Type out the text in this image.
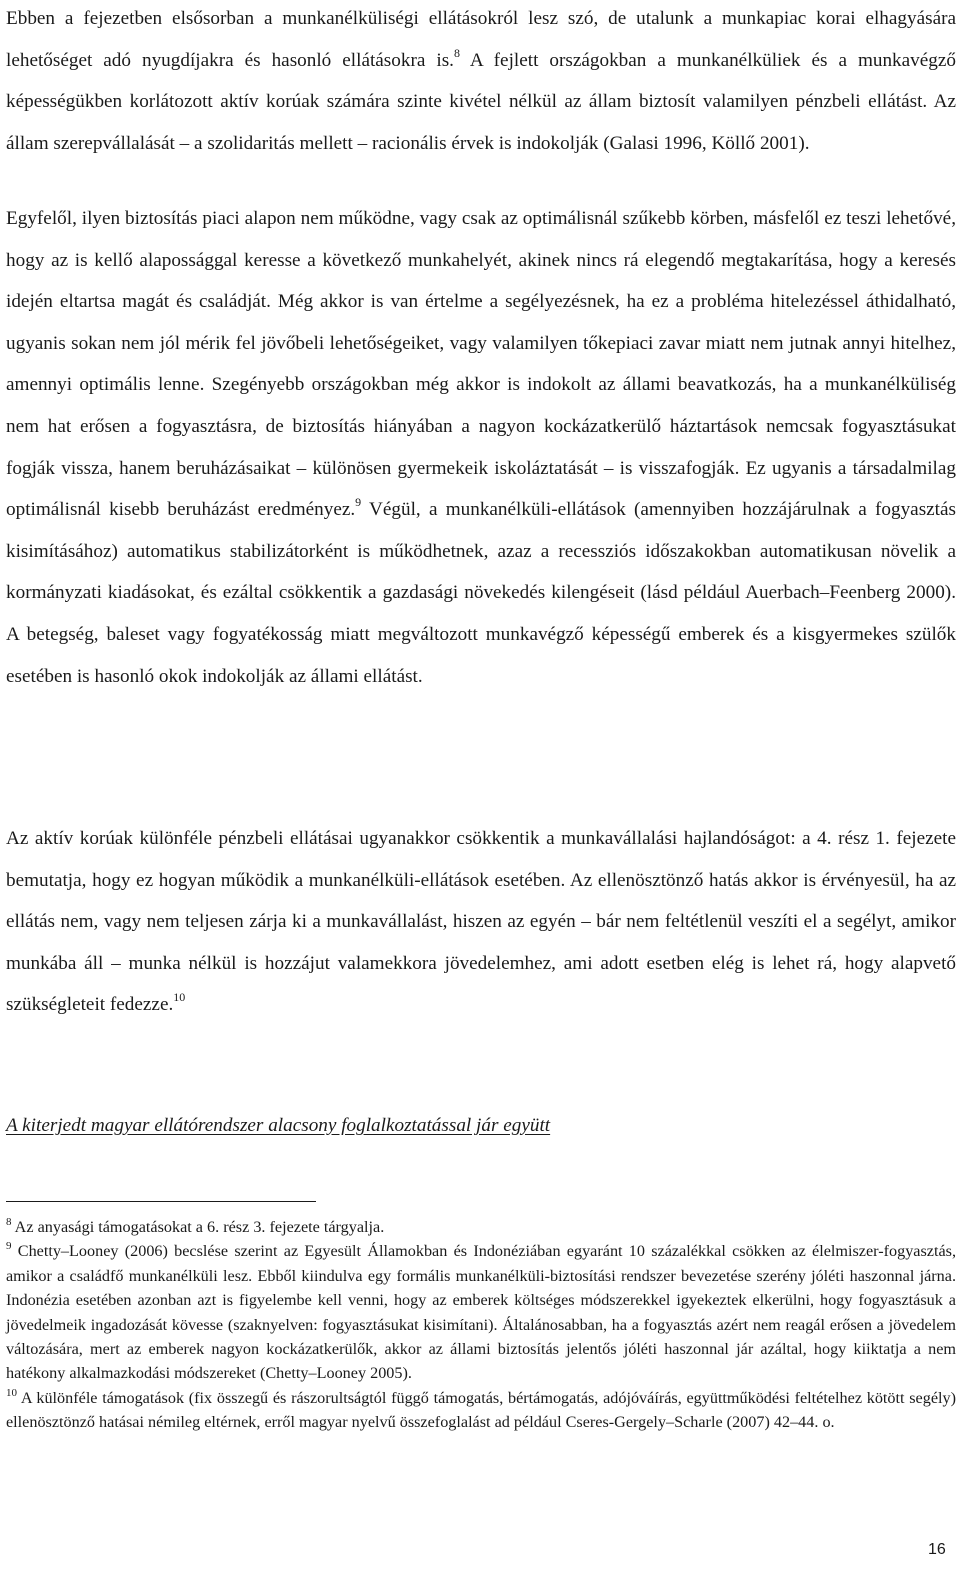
Ebben a fejezetben elsősorban a munkanélküliségi ellátásokról lesz szó, de utalunk a munkapiac korai elhagyására lehetőséget adó nyugdíjakra és hasonló ellátásokra is.$^8$ A fejlett országokban a munkanélküliek és a munkavégző képességükben korlátozott aktív korúak számára szinte kivétel nélkül az állam biztosít valamilyen pénzbeli ellátást. Az állam szerepvállalását – a szolidaritás mellett – racionális érvek is indokolják (Galasi 1996, Köllő 2001).

Egyfelől, ilyen biztosítás piaci alapon nem működne, vagy csak az optimálisnál szűkebb körben, másfelől ez teszi lehetővé, hogy az is kellő alapossággal keresse a következő munkahelyét, akinek nincs rá elegendő megtakarítása, hogy a keresés idején eltartsa magát és családját. Még akkor is van értelme a segélyezésnek, ha ez a probléma hitelezéssel áthidalható, ugyanis sokan nem jól mérik fel jövőbeli lehetőségeiket, vagy valamilyen tőkepiaci zavar miatt nem jutnak annyi hitelhez, amennyi optimális lenne. Szegényebb országokban még akkor is indokolt az állami beavatkozás, ha a munkanélküliség nem hat erősen a fogyasztásra, de biztosítás hiányában a nagyon kockázatkerülő háztartások nemcsak fogyasztásukat fogják vissza, hanem beruházásaikat – különösen gyermekeik iskoláztatását – is visszafogják. Ez ugyanis a társadalmilag optimálisnál kisebb beruházást eredményez.$^9$ Végül, a munkanélküli-ellátások (amennyiben hozzájárulnak a fogyasztás kisimításához) automatikus stabilizátorként is működhetnek, azaz a recessziós időszakokban automatikusan növelik a kormányzati kiadásokat, és ezáltal csökkentik a gazdasági növekedés kilengéseit (lásd például Auerbach–Feenberg 2000). A betegség, baleset vagy fogyatékosság miatt megváltozott munkavégző képességű emberek és a kisgyermekes szülők esetében is hasonló okok indokolják az állami ellátást.

Az aktív korúak különféle pénzbeli ellátásai ugyanakkor csökkentik a munkavállalási hajlandóságot: a 4. rész 1. fejezete bemutatja, hogy ez hogyan működik a munkanélküli-ellátások esetében. Az ellenösztönző hatás akkor is érvényesül, ha az ellátás nem, vagy nem teljesen zárja ki a munkavállalást, hiszen az egyén – bár nem feltétlenül veszíti el a segélyt, amikor munkába áll – munka nélkül is hozzájut valamekkora jövedelemhez, ami adott esetben elég is lehet rá, hogy alapvető szükségleteit fedezze.$^{10}$

A kiterjedt magyar ellátórendszer alacsony foglalkoztatással jár együtt

$^8$ Az anyasági támogatásokat a 6. rész 3. fejezete tárgyalja.

$^9$ Chetty–Looney (2006) becslése szerint az Egyesült Államokban és Indonéziában egyaránt 10 százalékkal csökken az élelmiszer-fogyasztás, amikor a családfő munkanélküli lesz. Ebből kiindulva egy formális munkanélküli-biztosítási rendszer bevezetése szerény jóléti haszonnal járna. Indonézia esetében azonban azt is figyelembe kell venni, hogy az emberek költséges módszerekkel igyekeztek elkerülni, hogy fogyasztásuk a jövedelmeik ingadozását kövesse (szaknyelven: fogyasztásukat kisimítani). Általánosabban, ha a fogyasztás azért nem reagál erősen a jövedelem változására, mert az emberek nagyon kockázatkerülők, akkor az állami biztosítás jelentős jóléti haszonnal jár azáltal, hogy kiiktatja a nem hatékony alkalmazkodási módszereket (Chetty–Looney 2005).

$^{10}$ A különféle támogatások (fix összegű és rászorultságtól függő támogatás, bértámogatás, adójóváírás, együttműködési feltételhez kötött segély) ellenösztönző hatásai némileg eltérnek, erről magyar nyelvű összefoglalást ad például Cseres-Gergely–Scharle (2007) 42–44. o.

16
